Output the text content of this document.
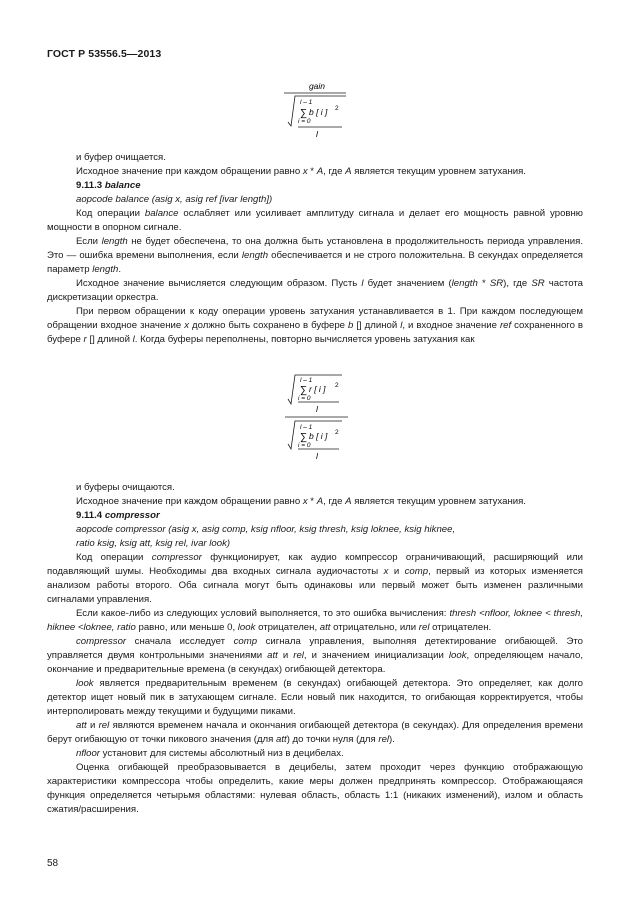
ГОСТ Р 53556.5—2013
gain
l – 1
∑ b [ i ] 2
i = 0
l

и буфер очищается.

Исходное значение при каждом обращении равно x * A, где A является текущим уровнем затухания.

9.11.3 balance

aopcode balance (asig x, asig ref [ivar length])

Код операции balance ослабляет или усиливает амплитуду сигнала и делает его мощность равной уровню мощности в опорном сигнале.

Если length не будет обеспечена, то она должна быть установлена в продолжительность периода управления. Это — ошибка времени выполнения, если length обеспечивается и не строго положительна. В секундах определяется параметр length.

Исходное значение вычисляется следующим образом. Пусть l будет значением (length * SR), где SR частота дискретизации оркестра.

При первом обращении к коду операции уровень затухания устанавливается в 1. При каждом последующем обращении входное значение x должно быть сохранено в буфере b [] длиной l, и входное значение ref сохраненного в буфере r [] длиной l. Когда буферы переполнены, повторно вычисляется уровень затухания как

l – 1
∑ r [ i ] 2
i = 0
l
l – 1
∑ b [ i ] 2
i = 0
l

и буферы очищаются.

Исходное значение при каждом обращении равно x * A, где A является текущим уровнем затухания.

9.11.4 compressor

aopcode compressor (asig x, asig comp, ksig nfloor, ksig thresh, ksig loknee, ksig hiknee,

ratio ksig, ksig att, ksig rel, ivar look)

Код операции compressor функционирует, как аудио компрессор ограничивающий, расширяющий или подавляющий шумы. Необходимы два входных сигнала аудиочастоты x и comp, первый из которых изменяется анализом работы второго. Оба сигнала могут быть одинаковы или первый может быть изменен различными сигналами управления.

Если какое-либо из следующих условий выполняется, то это ошибка вычисления: thresh <nfloor, loknee < thresh, hiknee <loknee, ratio равно, или меньше 0, look отрицателен, att отрицательно, или rel отрицателен.

compressor сначала исследует comp сигнала управления, выполняя детектирование огибающей. Это управляется двумя контрольными значениями att и rel, и значением инициализации look, определяющем начало, окончание и предварительные времена (в секундах) огибающей детектора.

look является предварительным временем (в секундах) огибающей детектора. Это определяет, как долго детектор ищет новый пик в затухающем сигнале. Если новый пик находится, то огибающая корректируется, чтобы интерполировать между текущими и будущими пиками.

att и rel являются временем начала и окончания огибающей детектора (в секундах). Для определения времени берут огибающую от точки пикового значения (для att) до точки нуля (для rel).

nfloor установит для системы абсолютный низ в децибелах.

Оценка огибающей преобразовывается в децибелы, затем проходит через функцию отображающую характеристики компрессора чтобы определить, какие меры должен предпринять компрессор. Отображающаяся функция определяется четырьмя областями: нулевая область, область 1:1 (никаких изменений), излом и область сжатия/расширения.

58
